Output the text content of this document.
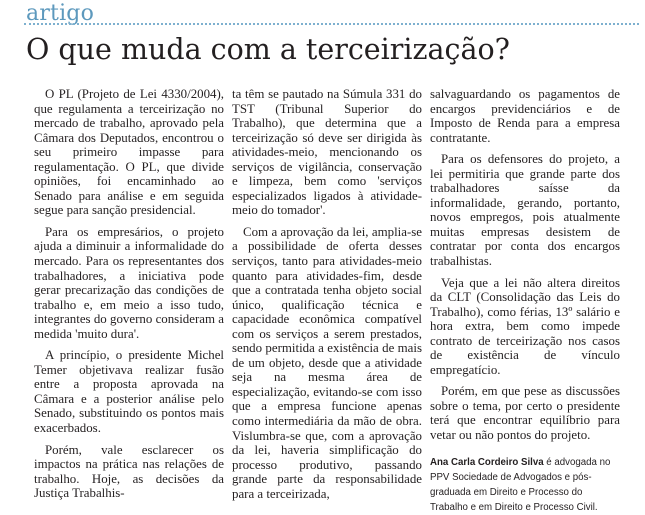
artigo
O que muda com a terceirização?

O PL (Projeto de Lei 4330/2004), que regulamenta a terceirização no mercado de trabalho, aprovado pela Câmara dos Deputados, encontrou o seu primeiro impasse para regulamentação. O PL, que divide opiniões, foi encaminhado ao Senado para análise e em seguida segue para sanção presidencial.

Para os empresários, o projeto ajuda a diminuir a informalidade do mercado. Para os representantes dos trabalhadores, a iniciativa pode gerar precarização das condições de trabalho e, em meio a isso tudo, integrantes do governo consideram a medida 'muito dura'.

A princípio, o presidente Michel Temer objetivava realizar fusão entre a proposta aprovada na Câmara e a posterior análise pelo Senado, substituindo os pontos mais exacerbados.

Porém, vale esclarecer os impactos na prática nas relações de trabalho. Hoje, as decisões da Justiça Trabalhis-

ta têm se pautado na Súmula 331 do TST (Tribunal Superior do Trabalho), que determina que a terceirização só deve ser dirigida às atividades-meio, mencionando os serviços de vigilância, conservação e limpeza, bem como 'serviços especializados ligados à atividade-meio do tomador'.

Com a aprovação da lei, amplia-se a possibilidade de oferta desses serviços, tanto para atividades-meio quanto para atividades-fim, desde que a contratada tenha objeto social único, qualificação técnica e capacidade econômica compatível com os serviços a serem prestados, sendo permitida a existência de mais de um objeto, desde que a atividade seja na mesma área de especialização, evitando-se com isso que a empresa funcione apenas como intermediária da mão de obra. Vislumbra-se que, com a aprovação da lei, haveria simplificação do processo produtivo, passando grande parte da responsabilidade para a terceirizada,

salvaguardando os pagamentos de encargos previdenciários e de Imposto de Renda para a empresa contratante.

Para os defensores do projeto, a lei permitiria que grande parte dos trabalhadores saísse da informalidade, gerando, portanto, novos empregos, pois atualmente muitas empresas desistem de contratar por conta dos encargos trabalhistas.

Veja que a lei não altera direitos da CLT (Consolidação das Leis do Trabalho), como férias, 13º salário e hora extra, bem como impede contrato de terceirização nos casos de existência de vínculo empregatício.

Porém, em que pese as discussões sobre o tema, por certo o presidente terá que encontrar equilíbrio para vetar ou não pontos do projeto.

Ana Carla Cordeiro Silva é advogada no PPV Sociedade de Advogados e pós-graduada em Direito e Processo do Trabalho e em Direito e Processo Civil.
